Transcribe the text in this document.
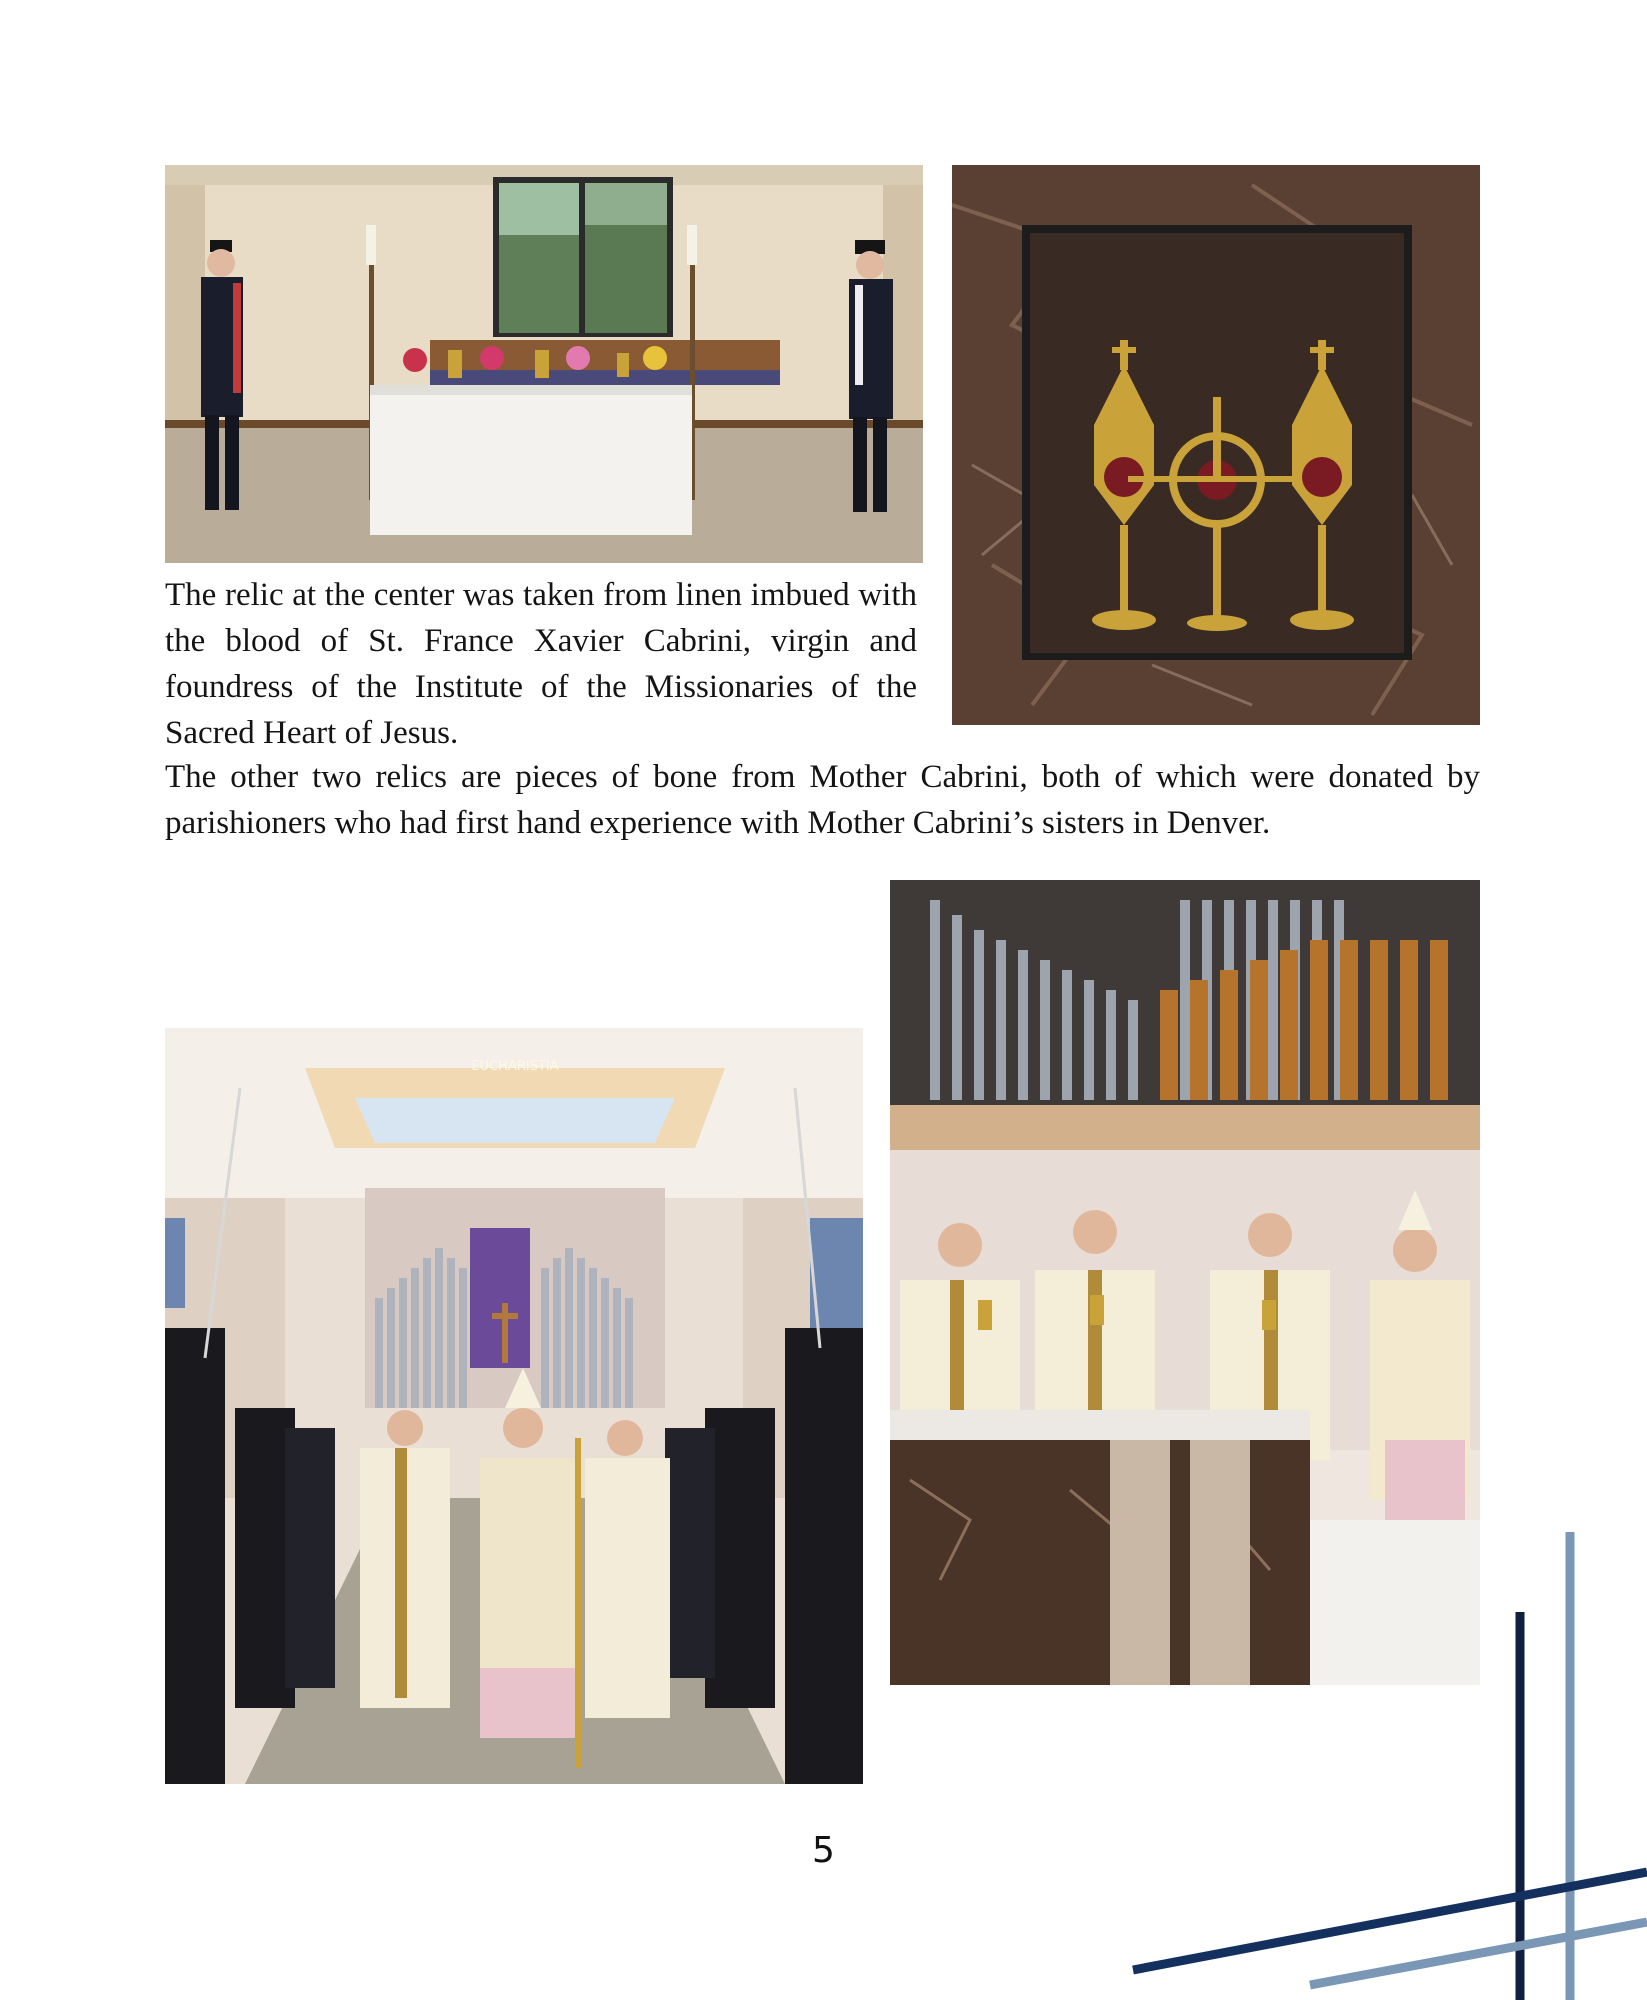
The relic at the center was taken from linen imbued with the blood of St. France Xavier Cabrini, virgin and foundress of the Institute of the Missionaries of the Sacred Heart of Jesus.

The other two relics are pieces of bone from Mother Cabrini, both of which were donated by parishioners who had first hand experience with Mother Cabrini’s sisters in Denver.

EUCHARISTIA
5
